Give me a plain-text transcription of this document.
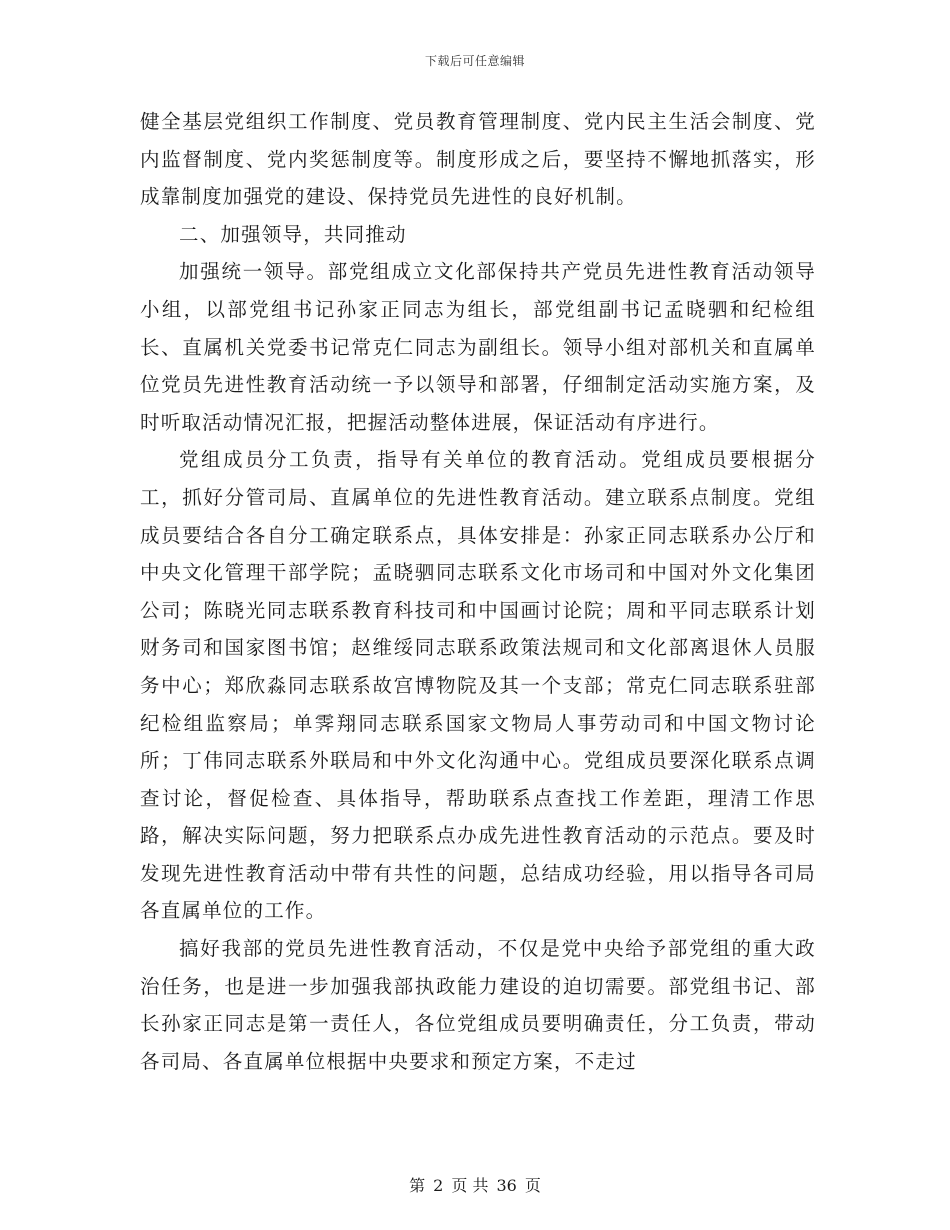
下载后可任意编辑

健全基层党组织工作制度、党员教育管理制度、党内民主生活会制度、党内监督制度、党内奖惩制度等。制度形成之后，要坚持不懈地抓落实，形成靠制度加强党的建设、保持党员先进性的良好机制。

二、加强领导，共同推动

加强统一领导。部党组成立文化部保持共产党员先进性教育活动领导小组，以部党组书记孙家正同志为组长，部党组副书记孟晓驷和纪检组长、直属机关党委书记常克仁同志为副组长。领导小组对部机关和直属单位党员先进性教育活动统一予以领导和部署，仔细制定活动实施方案，及时听取活动情况汇报，把握活动整体进展，保证活动有序进行。

党组成员分工负责，指导有关单位的教育活动。党组成员要根据分工，抓好分管司局、直属单位的先进性教育活动。建立联系点制度。党组成员要结合各自分工确定联系点，具体安排是：孙家正同志联系办公厅和中央文化管理干部学院；孟晓驷同志联系文化市场司和中国对外文化集团公司；陈晓光同志联系教育科技司和中国画讨论院；周和平同志联系计划财务司和国家图书馆；赵维绥同志联系政策法规司和文化部离退休人员服务中心；郑欣淼同志联系故宫博物院及其一个支部；常克仁同志联系驻部纪检组监察局；单霁翔同志联系国家文物局人事劳动司和中国文物讨论所；丁伟同志联系外联局和中外文化沟通中心。党组成员要深化联系点调查讨论，督促检查、具体指导，帮助联系点查找工作差距，理清工作思路，解决实际问题，努力把联系点办成先进性教育活动的示范点。要及时发现先进性教育活动中带有共性的问题，总结成功经验，用以指导各司局各直属单位的工作。

搞好我部的党员先进性教育活动，不仅是党中央给予部党组的重大政治任务，也是进一步加强我部执政能力建设的迫切需要。部党组书记、部长孙家正同志是第一责任人，各位党组成员要明确责任，分工负责，带动各司局、各直属单位根据中央要求和预定方案，不走过

第 2 页 共 36 页
